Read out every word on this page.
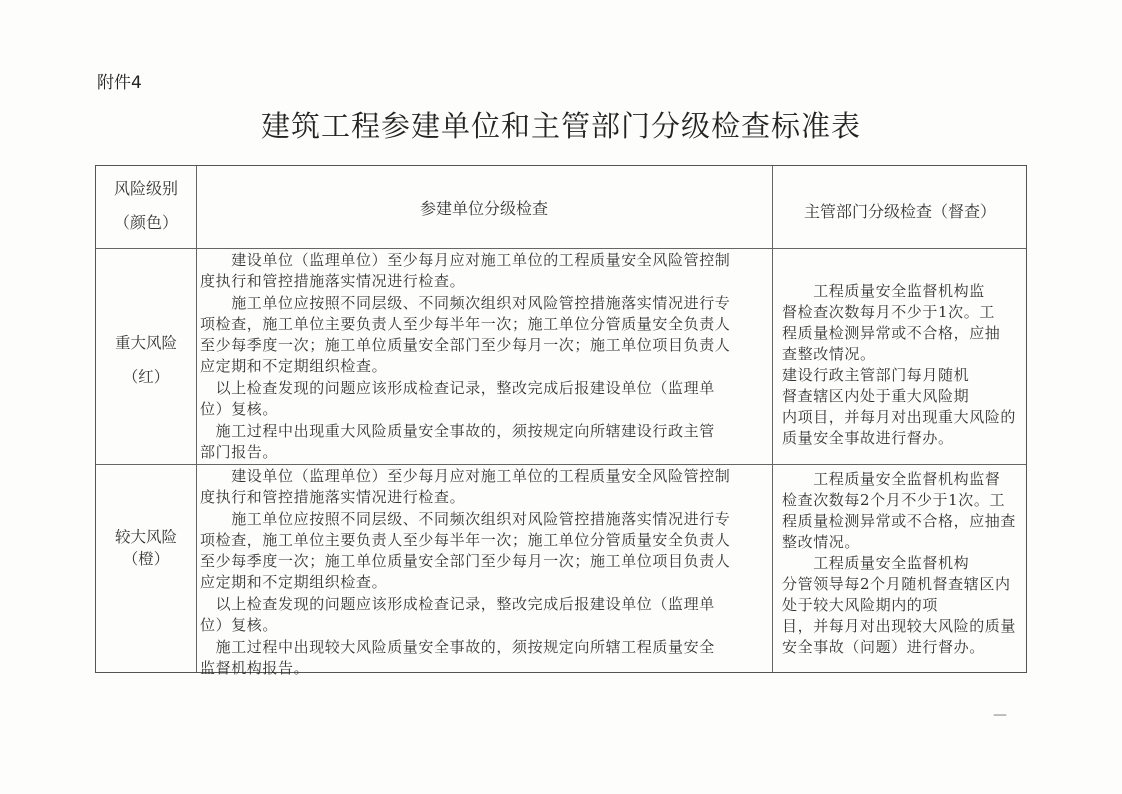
附件4
建筑工程参建单位和主管部门分级检查标准表
风险级别
（颜色）
参建单位分级检查	主管部门分级检查（督查）
重大风险
（红）
　　建设单位（监理单位）至少每月应对施工单位的工程质量安全风险管控制
度执行和管控措施落实情况进行检查。
　　施工单位应按照不同层级、不同频次组织对风险管控措施落实情况进行专
项检查，施工单位主要负责人至少每半年一次；施工单位分管质量安全负责人
至少每季度一次；施工单位质量安全部门至少每月一次；施工单位项目负责人
应定期和不定期组织检查。
　以上检查发现的问题应该形成检查记录，整改完成后报建设单位（监理单
位）复核。
　施工过程中出现重大风险质量安全事故的，须按规定向所辖建设行政主管
部门报告。
　　工程质量安全监督机构监
督检查次数每月不少于1次。工
程质量检测异常或不合格，应抽
查整改情况。
建设行政主管部门每月随机
督查辖区内处于重大风险期
内项目，并每月对出现重大风险的
质量安全事故进行督办。
较大风险
（橙）
　　建设单位（监理单位）至少每月应对施工单位的工程质量安全风险管控制
度执行和管控措施落实情况进行检查。
　　施工单位应按照不同层级、不同频次组织对风险管控措施落实情况进行专
项检查，施工单位主要负责人至少每半年一次；施工单位分管质量安全负责人
至少每季度一次；施工单位质量安全部门至少每月一次；施工单位项目负责人
应定期和不定期组织检查。
　以上检查发现的问题应该形成检查记录，整改完成后报建设单位（监理单
位）复核。
　施工过程中出现较大风险质量安全事故的，须按规定向所辖工程质量安全
监督机构报告。
　　工程质量安全监督机构监督
检查次数每2个月不少于1次。工
程质量检测异常或不合格，应抽查
整改情况。
　　工程质量安全监督机构
分管领导每2个月随机督查辖区内
处于较大风险期内的项
目，并每月对出现较大风险的质量
安全事故（问题）进行督办。
—
